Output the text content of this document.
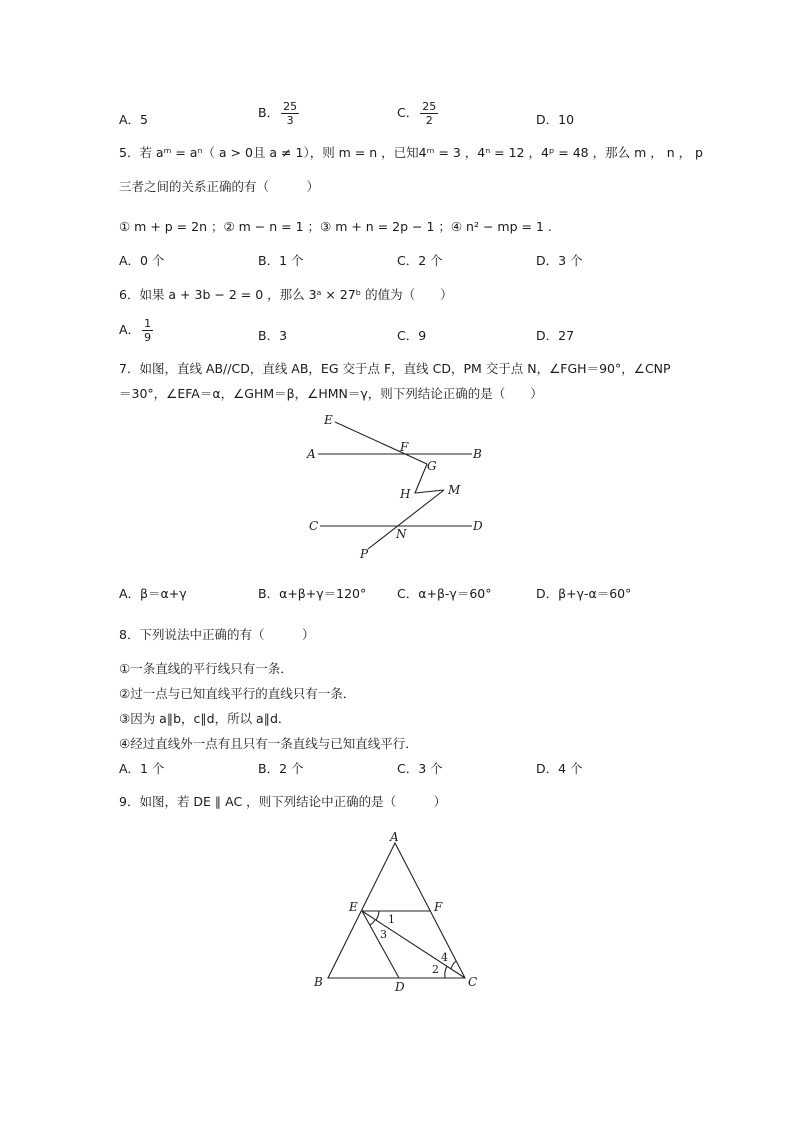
A．5	B． $\frac{25}{3}$	C． $\frac{25}{2}$	D．10
5．若 aᵐ = aⁿ（ a > 0且 a ≠ 1），则 m = n ，已知4ᵐ = 3 ，4ⁿ = 12 ，4ᵖ = 48 ，那么 m ， n ， p
三者之间的关系正确的有（　　　）
① m + p = 2n ；② m − n = 1 ；③ m + n = 2p − 1 ；④ n² − mp = 1 .
A．0 个	B．1 个	C．2 个	D．3 个
6．如果 a + 3b − 2 = 0 ，那么 3ᵃ × 27ᵇ 的值为（　　）
A． $\frac{1}{9}$	B．3	C．9	D．27
7．如图，直线 AB//CD，直线 AB，EG 交于点 F，直线 CD，PM 交于点 N，∠FGH＝90°，∠CNP
＝30°，∠EFA＝α，∠GHM＝β，∠HMN＝γ，则下列结论正确的是（　　）
E
A	F	B
G
H	M
C
N
D
P
A．β＝α+γ	B．α+β+γ＝120° C．α+β-γ＝60°	D．β+γ-α＝60°
8．下列说法中正确的有（　　　）
①一条直线的平行线只有一条．
②过一点与已知直线平行的直线只有一条．
③因为 a∥b，c∥d，所以 a∥d．
④经过直线外一点有且只有一条直线与已知直线平行．
A．1 个	B．2 个	C．3 个	D．4 个
9．如图，若 DE ∥ AC ，则下列结论中正确的是（　　　）
A
E	F
B	D	C
1
3
2
4
